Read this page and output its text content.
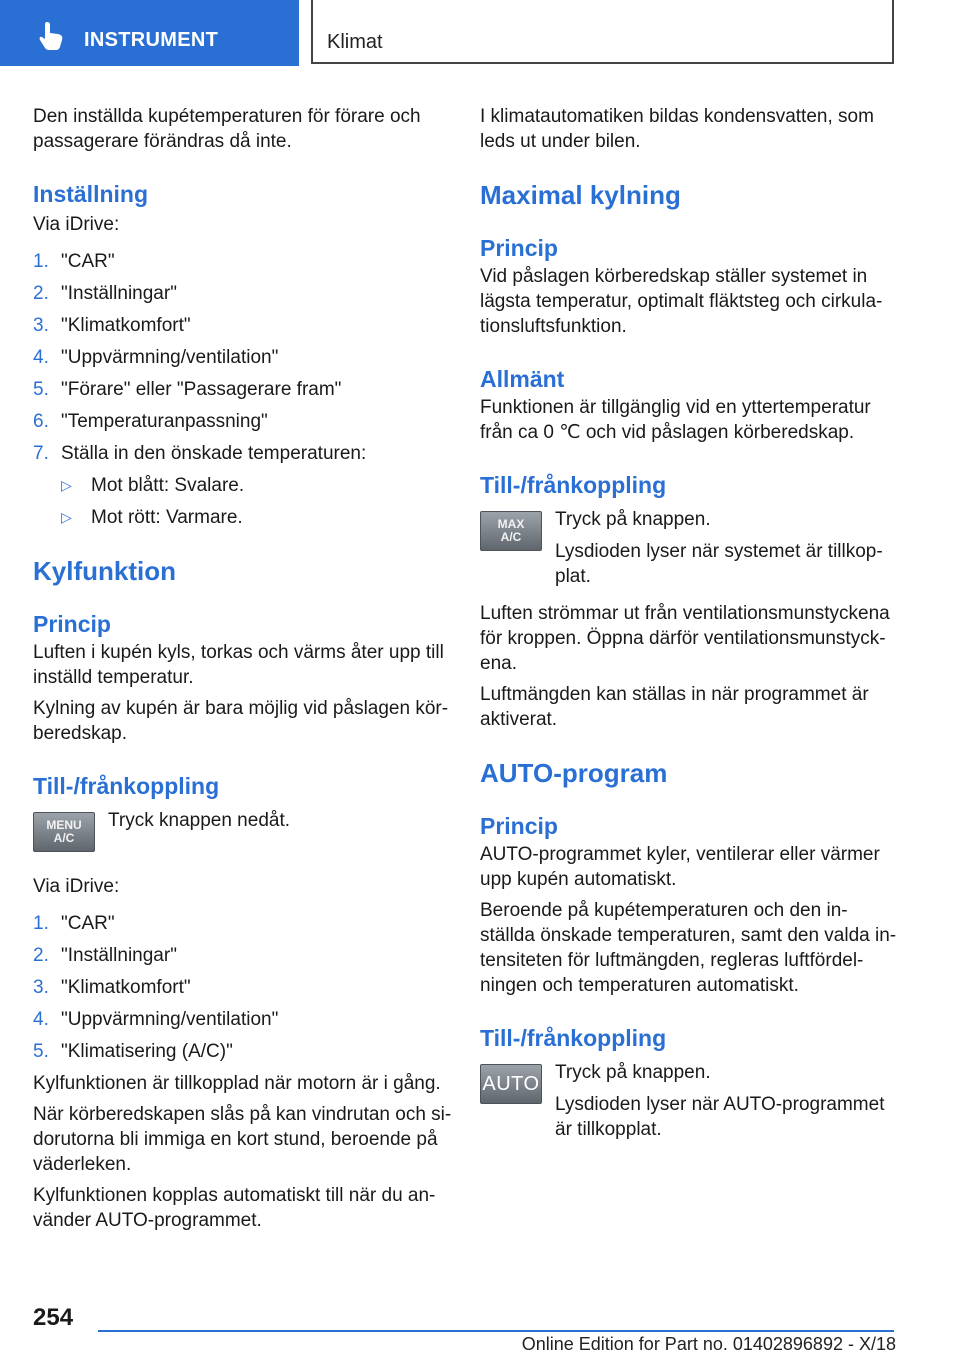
INSTRUMENT	Klimat

Den inställda kupétemperaturen för förare och passagerare förändras då inte.

Inställning

Via iDrive:

1. "CAR"
2. "Inställningar"
3. "Klimatkomfort"
4. "Uppvärmning/ventilation"
5. "Förare" eller "Passagerare fram"
6. "Temperaturanpassning"
7. Ställa in den önskade temperaturen:
▷	Mot blått: Svalare.
▷	Mot rött: Varmare.

Kylfunktion

Princip

Luften i kupén kyls, torkas och värms åter upp till inställd temperatur.

Kylning av kupén är bara möjlig vid påslagen kör-beredskap.

Till-/frånkoppling

MENU
A/C

Tryck knappen nedåt.

Via iDrive:

1. "CAR"
2. "Inställningar"
3. "Klimatkomfort"
4. "Uppvärmning/ventilation"
5. "Klimatisering (A/C)"

Kylfunktionen är tillkopplad när motorn är i gång.

När körberedskapen slås på kan vindrutan och si-dorutorna bli immiga en kort stund, beroende på väderleken.

Kylfunktionen kopplas automatiskt till när du an-vänder AUTO-programmet.

I klimatautomatiken bildas kondensvatten, som leds ut under bilen.

Maximal kylning

Princip

Vid påslagen körberedskap ställer systemet in lägsta temperatur, optimalt fläktsteg och cirkula-tionsluftsfunktion.

Allmänt

Funktionen är tillgänglig vid en yttertemperatur från ca 0 ℃ och vid påslagen körberedskap.

Till-/frånkoppling

MAX
A/C

Tryck på knappen.

Lysdioden lyser när systemet är tillkop-plat.

Luften strömmar ut från ventilationsmunstyckena för kroppen. Öppna därför ventilationsmunstyck-ena.

Luftmängden kan ställas in när programmet är aktiverat.

AUTO-program

Princip

AUTO-programmet kyler, ventilerar eller värmer upp kupén automatiskt.

Beroende på kupétemperaturen och den in-ställda önskade temperaturen, samt den valda in-tensiteten för luftmängden, regleras luftfördel-ningen och temperaturen automatiskt.

Till-/frånkoppling

AUTO Tryck på knappen.

Lysdioden lyser när AUTO-programmet är tillkopplat.

254
Online Edition for Part no. 01402896892 - X/18
